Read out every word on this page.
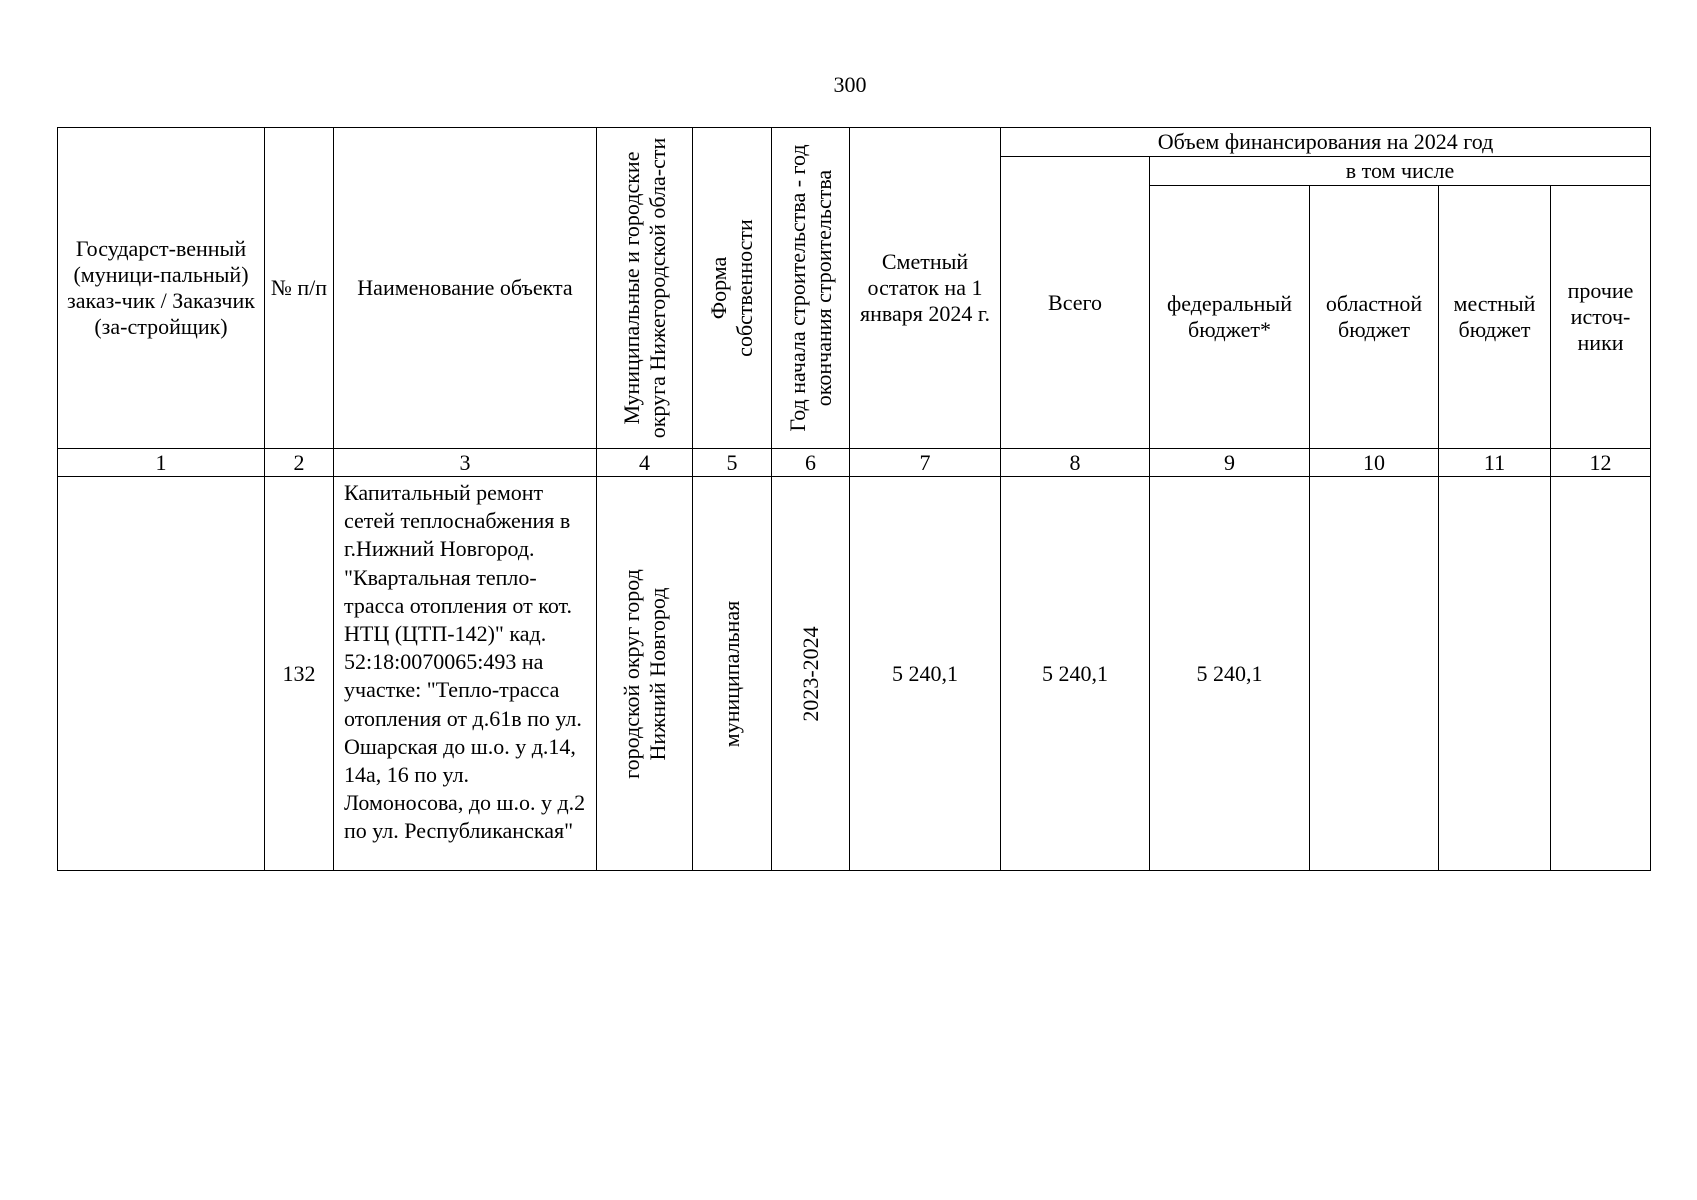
300
Государст-венный (муници-пальный) заказ-чик / Заказчик (за-стройщик)	№ п/п	Наименование объекта	Муниципальные и городские округа Нижегородской обла-сти	Форма собственности	Год начала строительства - год окончания строительства	Сметный остаток на 1 января 2024 г.	Объем финансирования на 2024 год				

							Всего	в том числе			

								федеральный бюджет*	областной бюджет	местный бюджет	прочие источ-ники

1	2	3	4	5	6	7	8	9	10	11	12
	132	Капитальный ремонт сетей теплоснабжения в г.Нижний Новгород. "Квартальная тепло-трасса отопления от кот. НТЦ (ЦТП-142)" кад. 52:18:0070065:493 на участке: "Тепло-трасса отопления от д.61в по ул. Ошарская до ш.о. у д.14, 14а, 16 по ул. Ломоносова, до ш.о. у д.2 по ул. Республиканская"	городской округ город Нижний Новгород	муниципальная	2023-2024	5 240,1	5 240,1	5 240,1			
